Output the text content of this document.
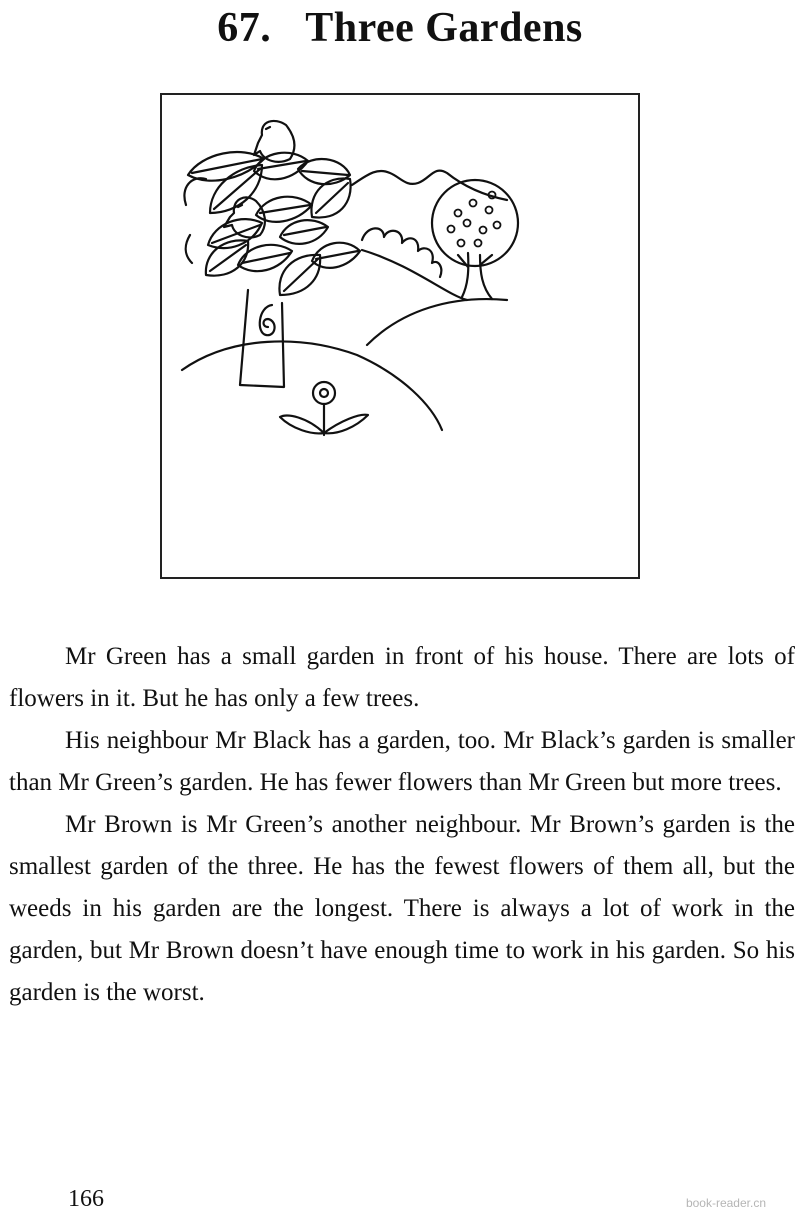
67. Three Gardens

Mr Green has a small garden in front of his house. There are lots of flowers in it. But he has only a few trees.

His neighbour Mr Black has a garden, too. Mr Black’s garden is smaller than Mr Green’s garden. He has fewer flowers than Mr Green but more trees.

Mr Brown is Mr Green’s another neighbour. Mr Brown’s garden is the smallest garden of the three. He has the fewest flowers of them all, but the weeds in his garden are the longest. There is always a lot of work in the garden, but Mr Brown doesn’t have enough time to work in his garden. So his garden is the worst.

166	book-reader.cn
